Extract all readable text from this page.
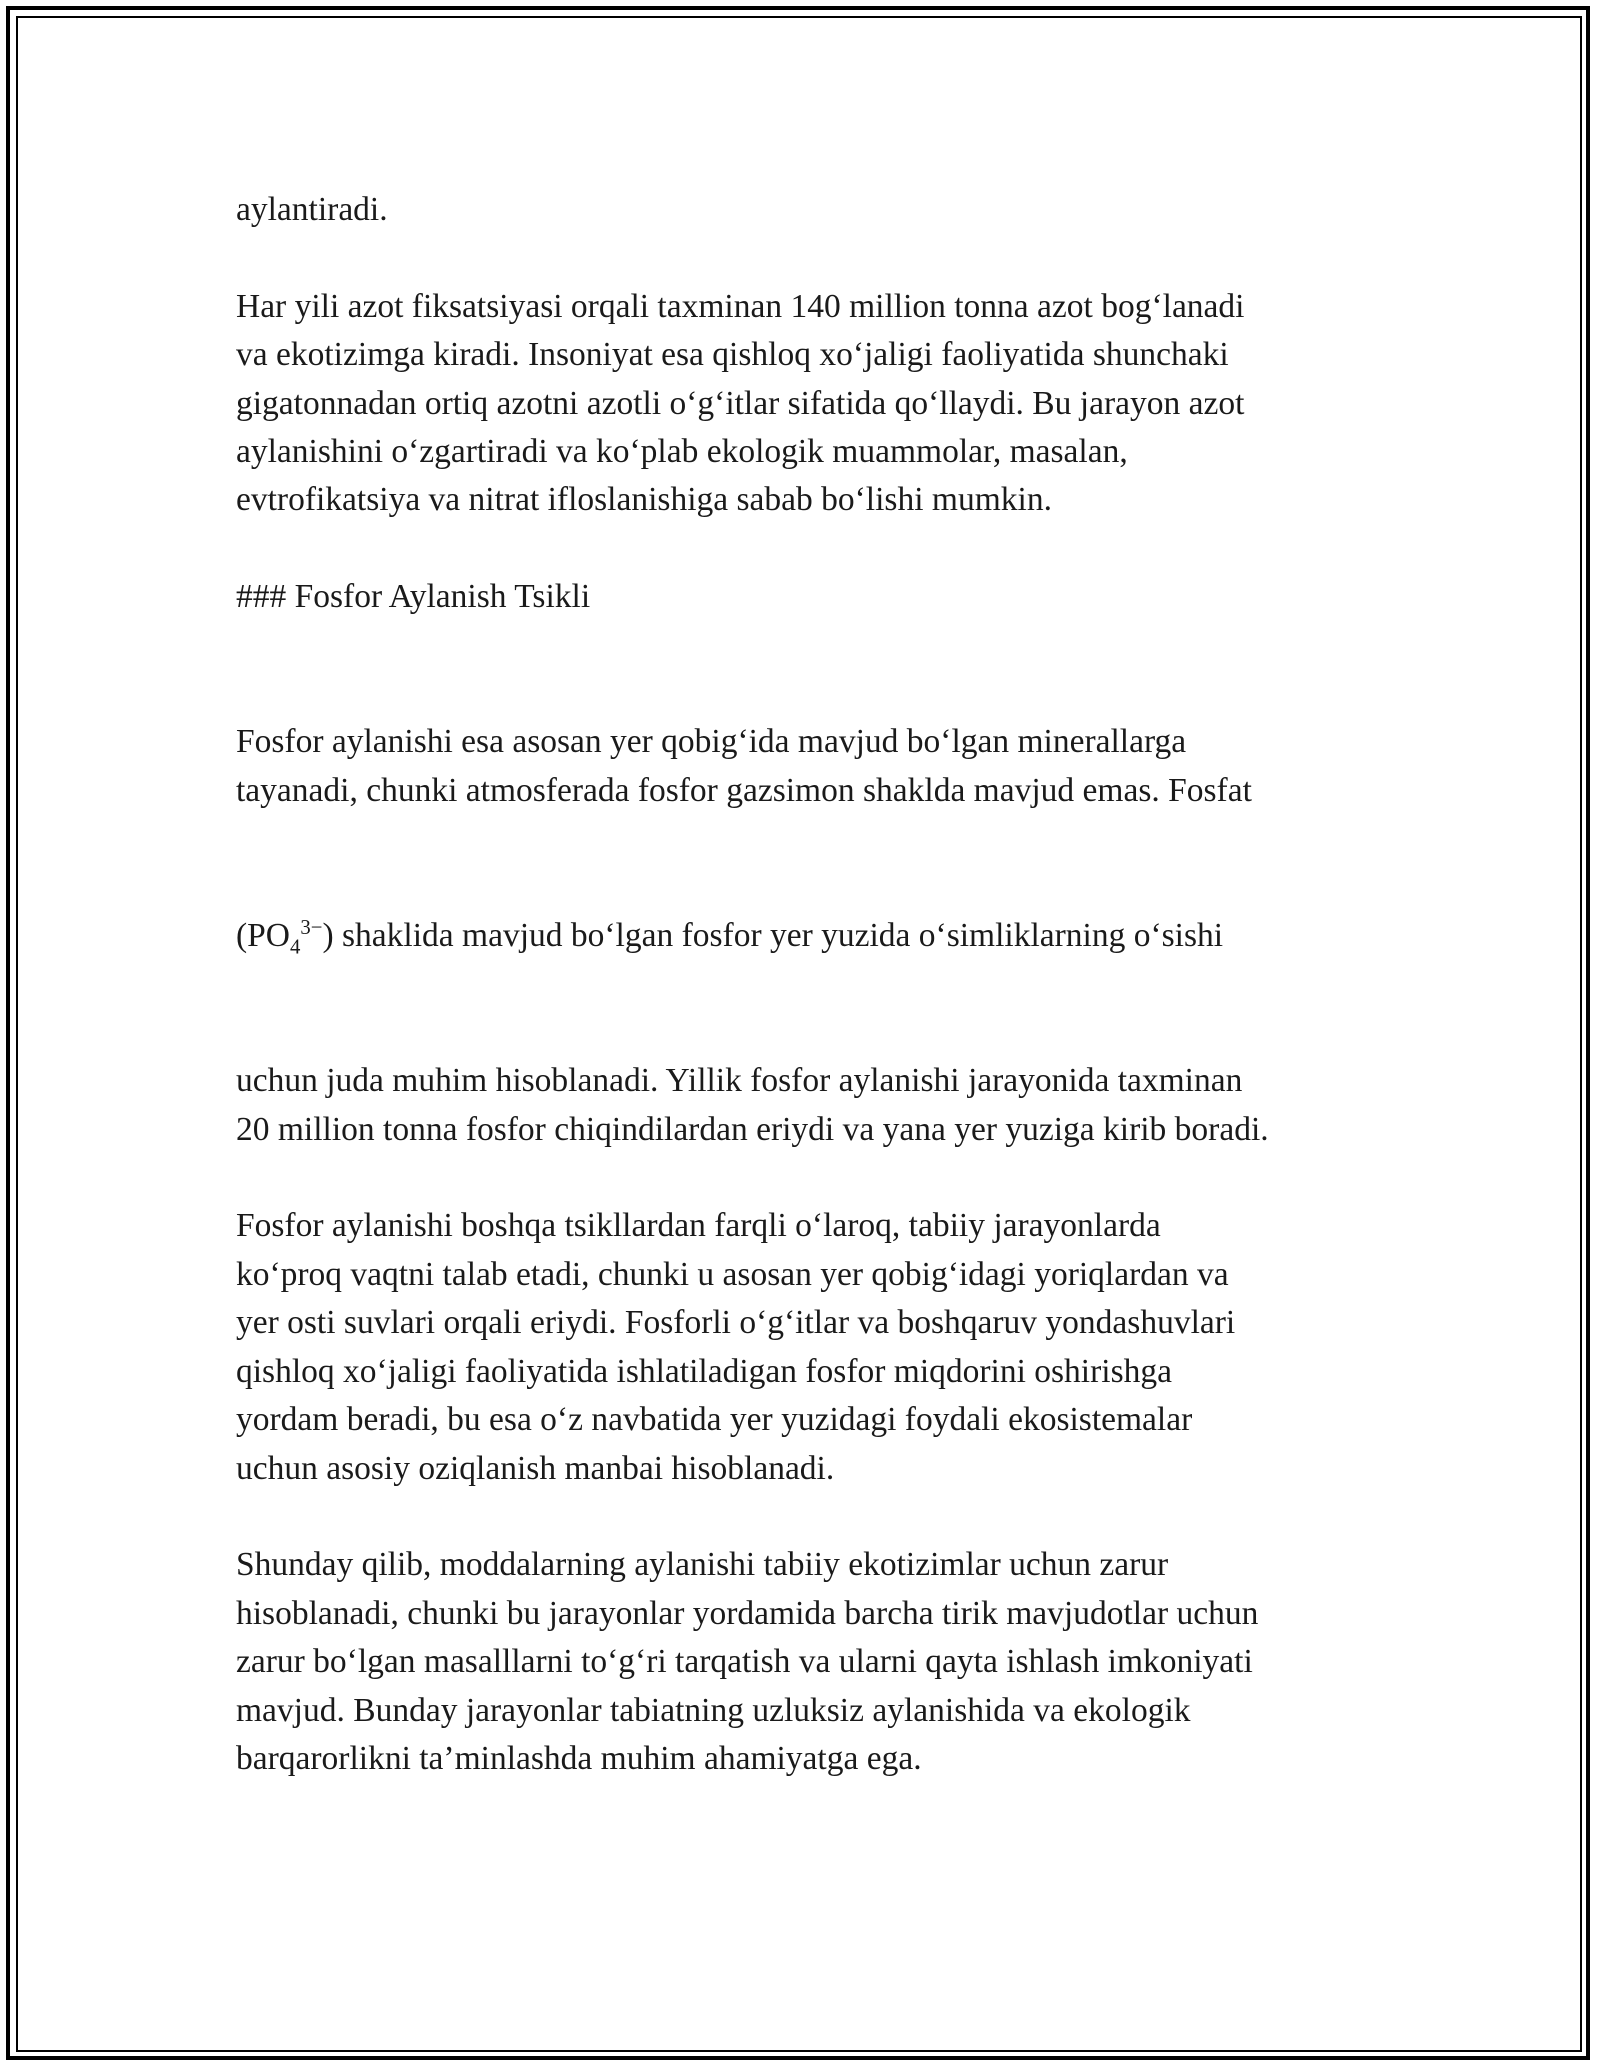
aylantiradi.

Har yili azot fiksatsiyasi orqali taxminan 140 million tonna azot bog‘lanadi
va ekotizimga kiradi. Insoniyat esa qishloq xo‘jaligi faoliyatida shunchaki
gigatonnadan ortiq azotni azotli o‘g‘itlar sifatida qo‘llaydi. Bu jarayon azot
aylanishini o‘zgartiradi va ko‘plab ekologik muammolar, masalan,
evtrofikatsiya va nitrat ifloslanishiga sabab bo‘lishi mumkin.

### Fosfor Aylanish Tsikli

Fosfor aylanishi esa asosan yer qobig‘ida mavjud bo‘lgan minerallarga
tayanadi, chunki atmosferada fosfor gazsimon shaklda mavjud emas. Fosfat

$(PO_4^{3-})$ shaklida mavjud bo‘lgan fosfor yer yuzida o‘simliklarning o‘sishi

uchun juda muhim hisoblanadi. Yillik fosfor aylanishi jarayonida taxminan
20 million tonna fosfor chiqindilardan eriydi va yana yer yuziga kirib boradi.

Fosfor aylanishi boshqa tsikllardan farqli o‘laroq, tabiiy jarayonlarda
ko‘proq vaqtni talab etadi, chunki u asosan yer qobig‘idagi yoriqlardan va
yer osti suvlari orqali eriydi. Fosforli o‘g‘itlar va boshqaruv yondashuvlari
qishloq xo‘jaligi faoliyatida ishlatiladigan fosfor miqdorini oshirishga
yordam beradi, bu esa o‘z navbatida yer yuzidagi foydali ekosistemalar
uchun asosiy oziqlanish manbai hisoblanadi.

Shunday qilib, moddalarning aylanishi tabiiy ekotizimlar uchun zarur
hisoblanadi, chunki bu jarayonlar yordamida barcha tirik mavjudotlar uchun
zarur bo‘lgan masalllarni to‘g‘ri tarqatish va ularni qayta ishlash imkoniyati
mavjud. Bunday jarayonlar tabiatning uzluksiz aylanishida va ekologik
barqarorlikni ta’minlashda muhim ahamiyatga ega.
